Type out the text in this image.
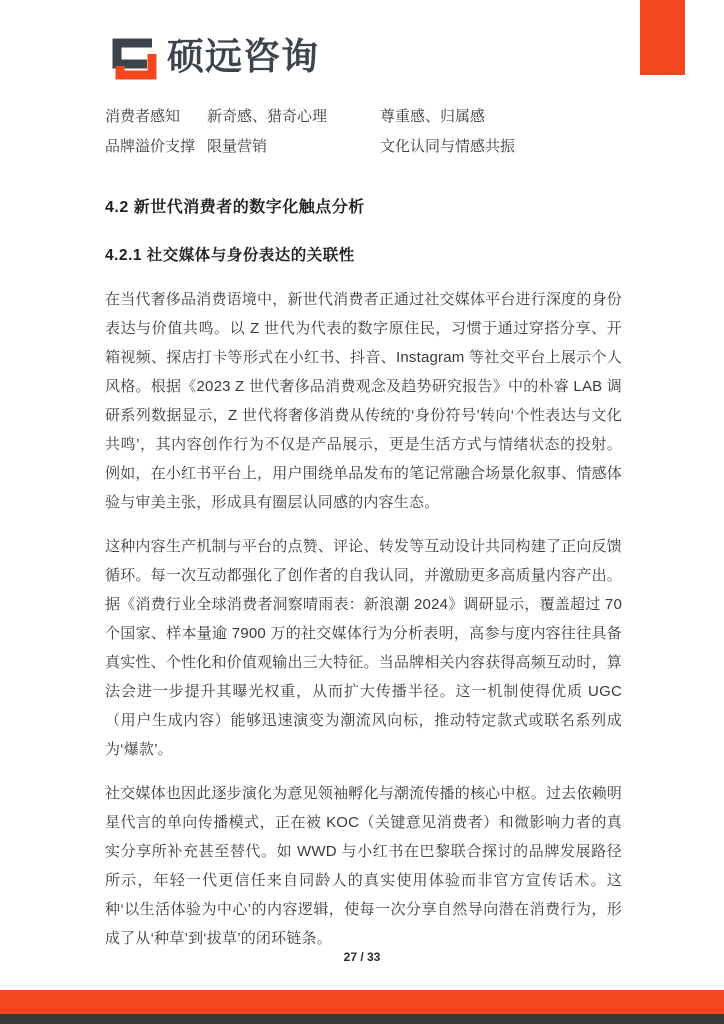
硕远咨询
消费者感知	新奇感、猎奇心理	尊重感、归属感
品牌溢价支撑 限量营销	文化认同与情感共振
4.2 新世代消费者的数字化触点分析
4.2.1 社交媒体与身份表达的关联性
在当代奢侈品消费语境中，新世代消费者正通过社交媒体平台进行深度的身份表达与价值共鸣。以 Z 世代为代表的数字原住民，习惯于通过穿搭分享、开箱视频、探店打卡等形式在小红书、抖音、Instagram 等社交平台上展示个人风格。根据《2023 Z 世代奢侈品消费观念及趋势研究报告》中的朴睿 LAB 调研系列数据显示，Z 世代将奢侈消费从传统的‘身份符号’转向‘个性表达与文化共鸣’，其内容创作行为不仅是产品展示，更是生活方式与情绪状态的投射。例如，在小红书平台上，用户围绕单品发布的笔记常融合场景化叙事、情感体验与审美主张，形成具有圈层认同感的内容生态。
这种内容生产机制与平台的点赞、评论、转发等互动设计共同构建了正向反馈循环。每一次互动都强化了创作者的自我认同，并激励更多高质量内容产出。据《消费行业全球消费者洞察晴雨表：新浪潮 2024》调研显示，覆盖超过 70 个国家、样本量逾 7900 万的社交媒体行为分析表明，高参与度内容往往具备真实性、个性化和价值观输出三大特征。当品牌相关内容获得高频互动时，算法会进一步提升其曝光权重，从而扩大传播半径。这一机制使得优质 UGC（用户生成内容）能够迅速演变为潮流风向标，推动特定款式或联名系列成为‘爆款’。
社交媒体也因此逐步演化为意见领袖孵化与潮流传播的核心中枢。过去依赖明星代言的单向传播模式，正在被 KOC（关键意见消费者）和微影响力者的真实分享所补充甚至替代。如 WWD 与小红书在巴黎联合探讨的品牌发展路径所示，年轻一代更信任来自同龄人的真实使用体验而非官方宣传话术。这种‘以生活体验为中心’的内容逻辑，使每一次分享自然导向潜在消费行为，形成了从‘种草’到‘拔草’的闭环链条。
27 / 33
